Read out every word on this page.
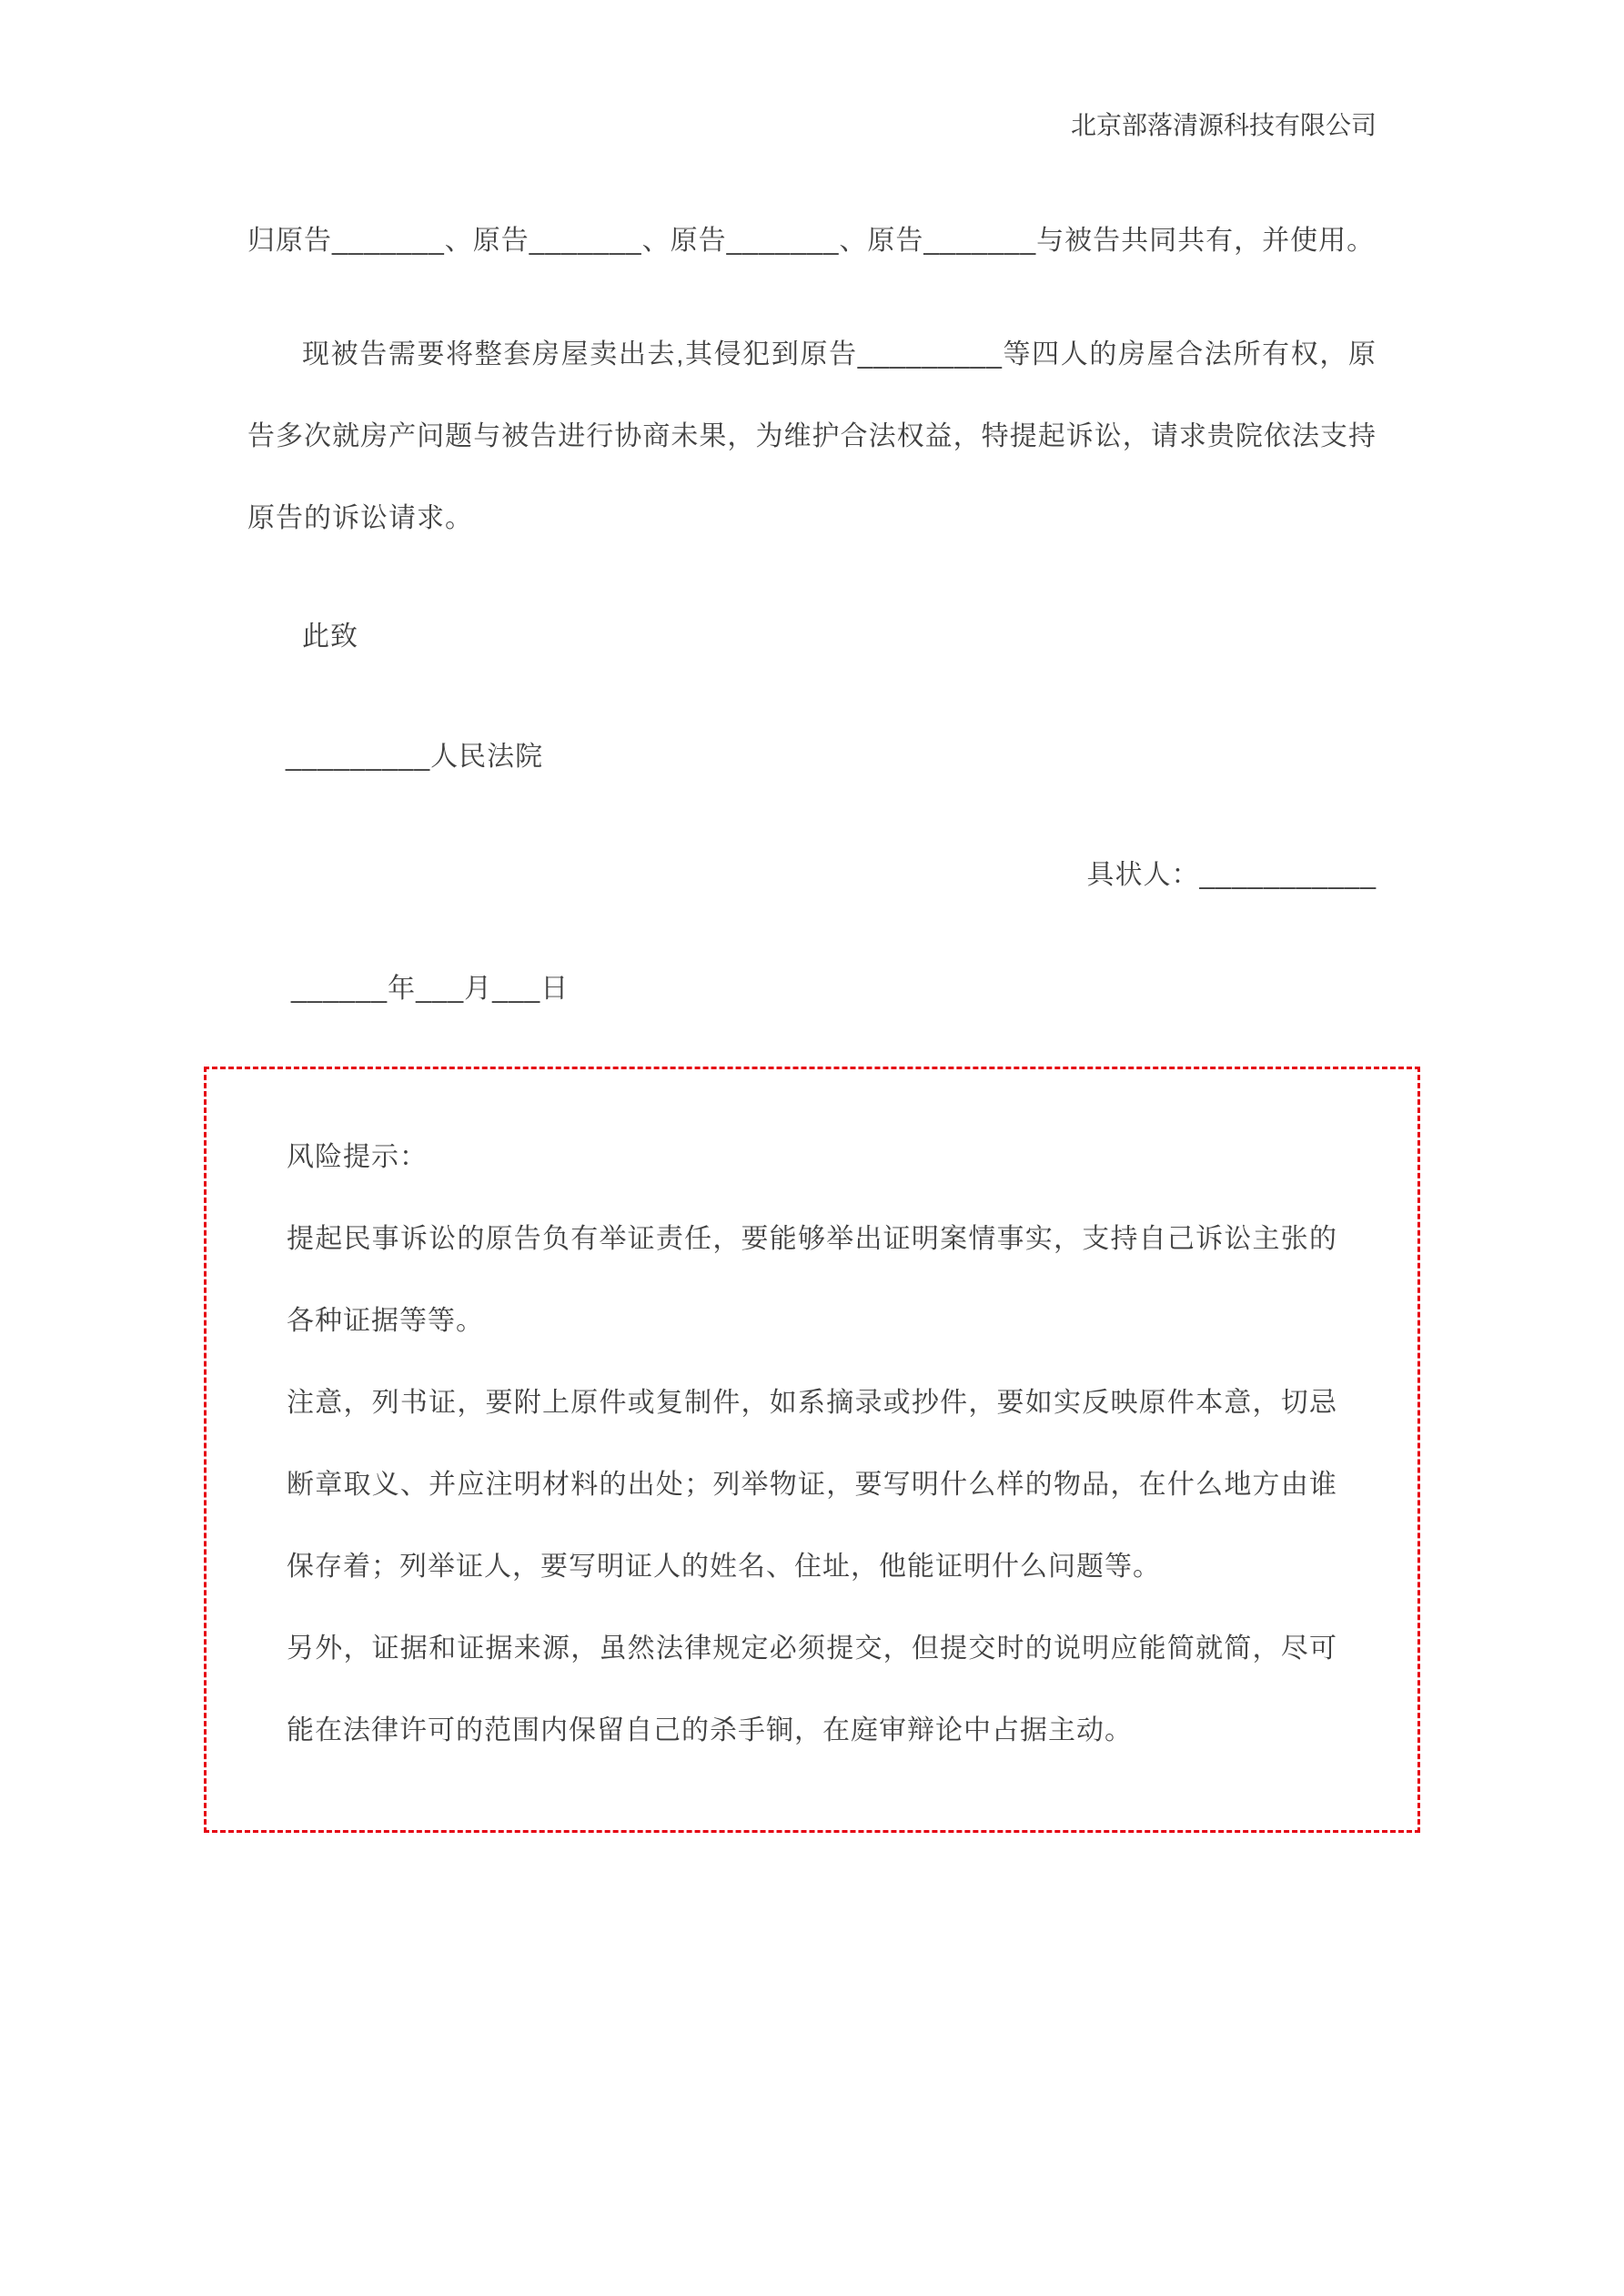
北京部落清源科技有限公司

归原告_______、原告_______、原告_______、原告_______与被告共同共有，并使用。

现被告需要将整套房屋卖出去,其侵犯到原告_________等四人的房屋合法所有权，原告多次就房产问题与被告进行协商未果，为维护合法权益，特提起诉讼，请求贵院依法支持原告的诉讼请求。

此致

_________人民法院

具状人：___________

______年___月___日

风险提示：

提起民事诉讼的原告负有举证责任，要能够举出证明案情事实，支持自己诉讼主张的各种证据等等。

注意，列书证，要附上原件或复制件，如系摘录或抄件，要如实反映原件本意，切忌断章取义、并应注明材料的出处；列举物证，要写明什么样的物品，在什么地方由谁保存着；列举证人，要写明证人的姓名、住址，他能证明什么问题等。

另外，证据和证据来源，虽然法律规定必须提交，但提交时的说明应能简就简，尽可能在法律许可的范围内保留自己的杀手锏，在庭审辩论中占据主动。
